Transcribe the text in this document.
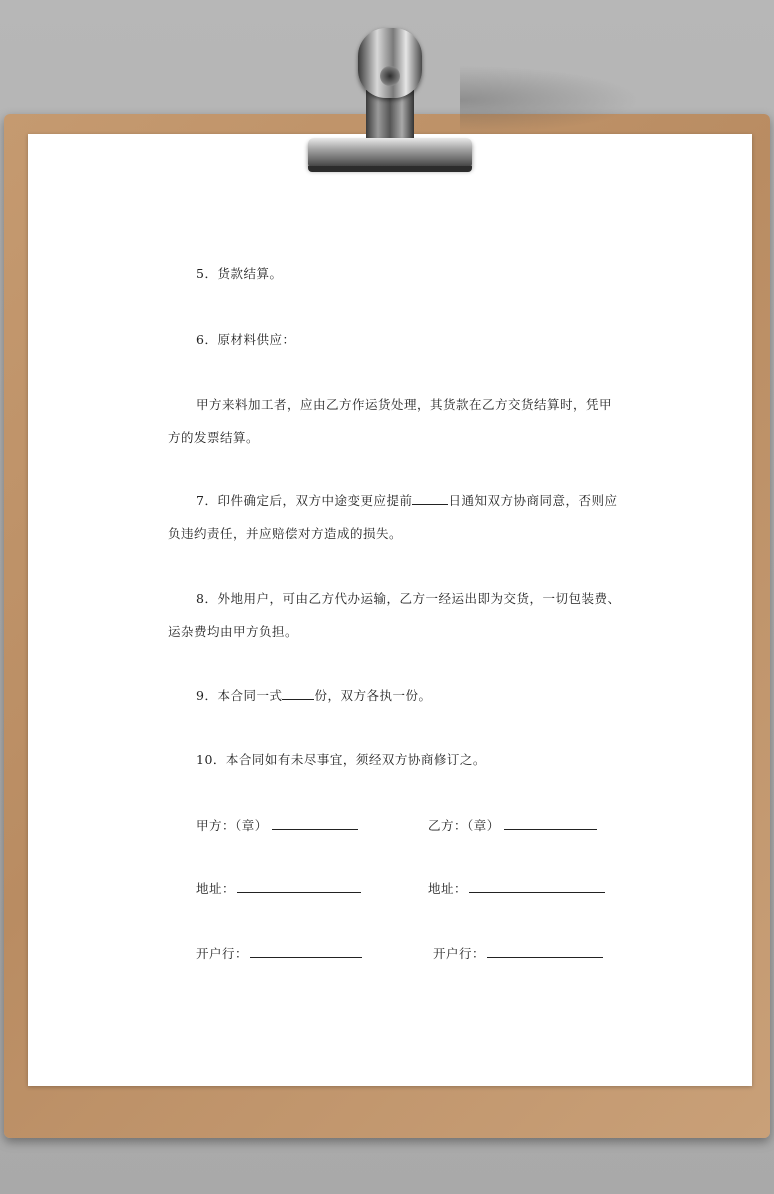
5．货款结算。

6．原材料供应：

甲方来料加工者，应由乙方作运货处理，其货款在乙方交货结算时，凭甲

方的发票结算。

7．印件确定后，双方中途变更应提前	日通知双方协商同意，否则应

负违约责任，并应赔偿对方造成的损失。

8．外地用户，可由乙方代办运输，乙方一经运出即为交货，一切包装费、

运杂费均由甲方负担。

9．本合同一式	份，双方各执一份。

10．本合同如有未尽事宜，须经双方协商修订之。

甲方：（章）	乙方：（章）

地址：	地址：

开户行：	开户行：
